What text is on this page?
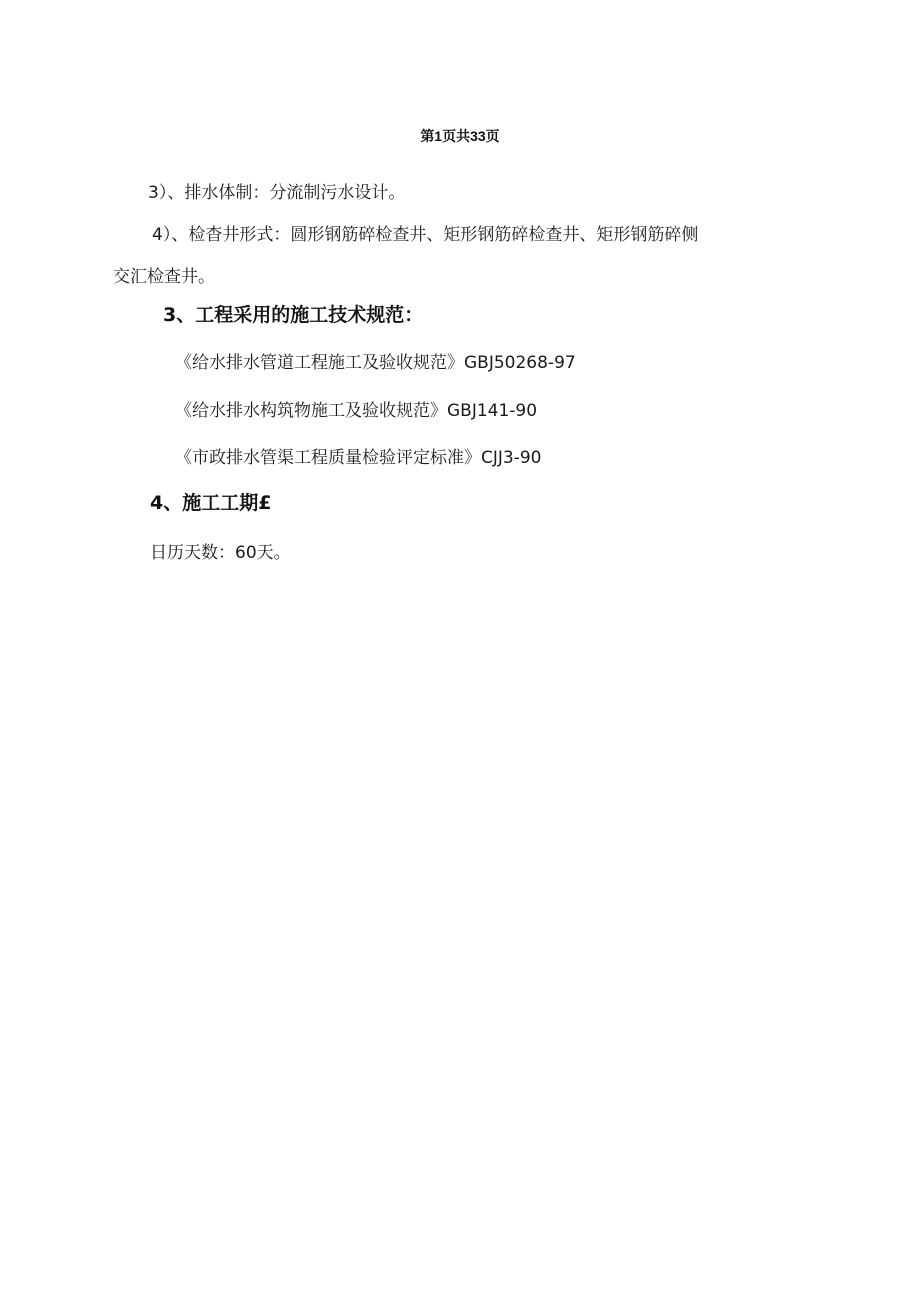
第1页共33页
3）、排水体制：分流制污水设计。
4）、检杳井形式：圆形钢筋碎检查井、矩形钢筋碎检查井、矩形钢筋碎侧
交汇检查井。
3、工程采用的施工技术规范：
《给水排水管道工程施工及验收规范》GBJ50268-97
《给水排水构筑物施工及验收规范》GBJ141-90
《市政排水管渠工程质量检验评定标准》CJJ3-90
4、施工工期£
日历天数：60天。
